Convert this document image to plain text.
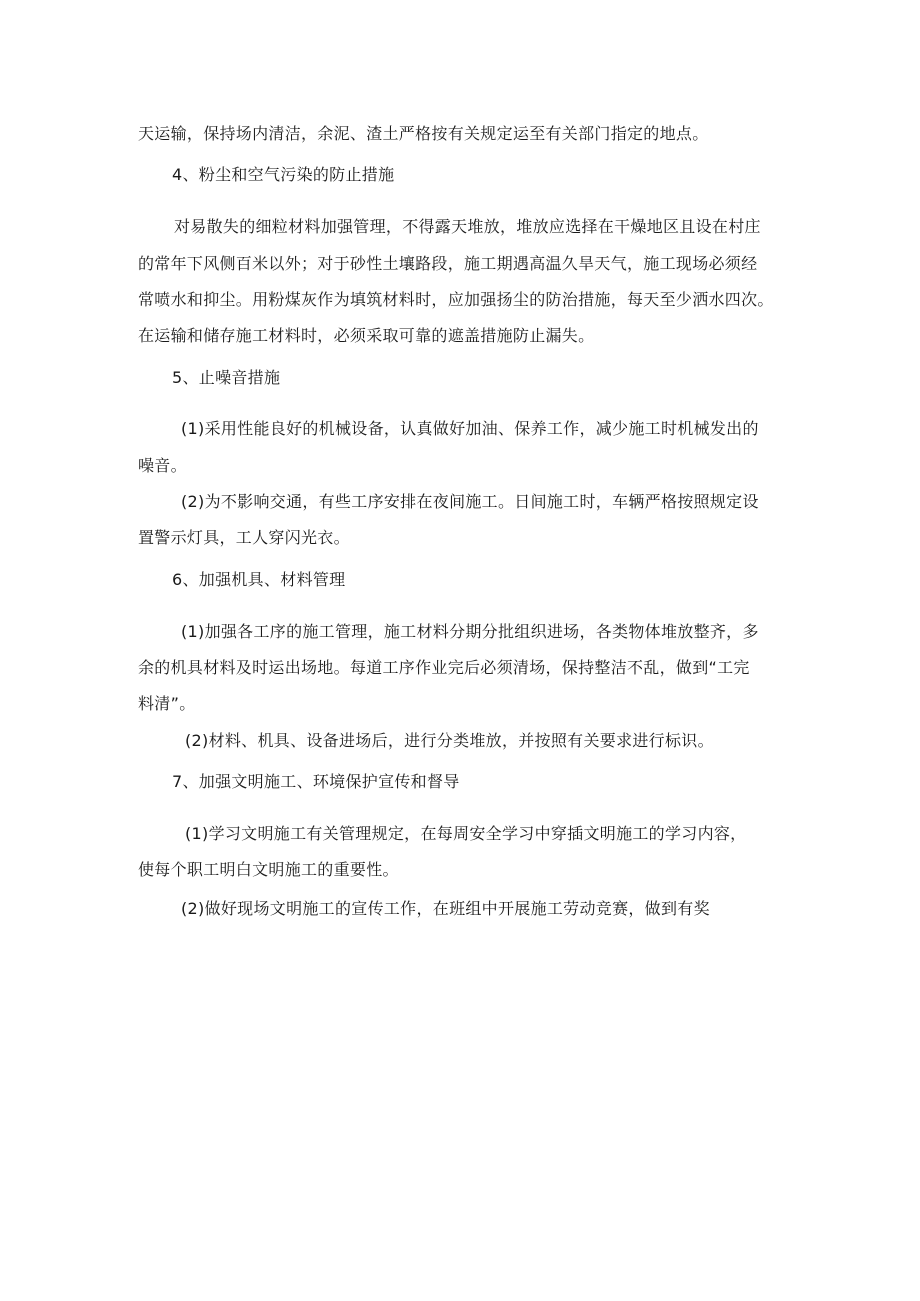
天运输，保持场内清洁，余泥、渣土严格按有关规定运至有关部门指定的地点。
4、粉尘和空气污染的防止措施
对易散失的细粒材料加强管理，不得露天堆放，堆放应选择在干燥地区且设在村庄
的常年下风侧百米以外；对于砂性土壤路段，施工期遇高温久旱天气，施工现场必须经
常喷水和抑尘。用粉煤灰作为填筑材料时，应加强扬尘的防治措施，每天至少洒水四次。
在运输和储存施工材料时，必须采取可靠的遮盖措施防止漏失。
5、止噪音措施
(1)采用性能良好的机械设备，认真做好加油、保养工作，减少施工时机械发出的
噪音。
(2)为不影响交通，有些工序安排在夜间施工。日间施工时，车辆严格按照规定设
置警示灯具，工人穿闪光衣。
6、加强机具、材料管理
(1)加强各工序的施工管理，施工材料分期分批组织进场，各类物体堆放整齐，多
余的机具材料及时运出场地。每道工序作业完后必须清场，保持整洁不乱，做到“工完
料清”。
(2)材料、机具、设备进场后，进行分类堆放，并按照有关要求进行标识。
7、加强文明施工、环境保护宣传和督导
(1)学习文明施工有关管理规定，在每周安全学习中穿插文明施工的学习内容，
使每个职工明白文明施工的重要性。
(2)做好现场文明施工的宣传工作，在班组中开展施工劳动竞赛，做到有奖
